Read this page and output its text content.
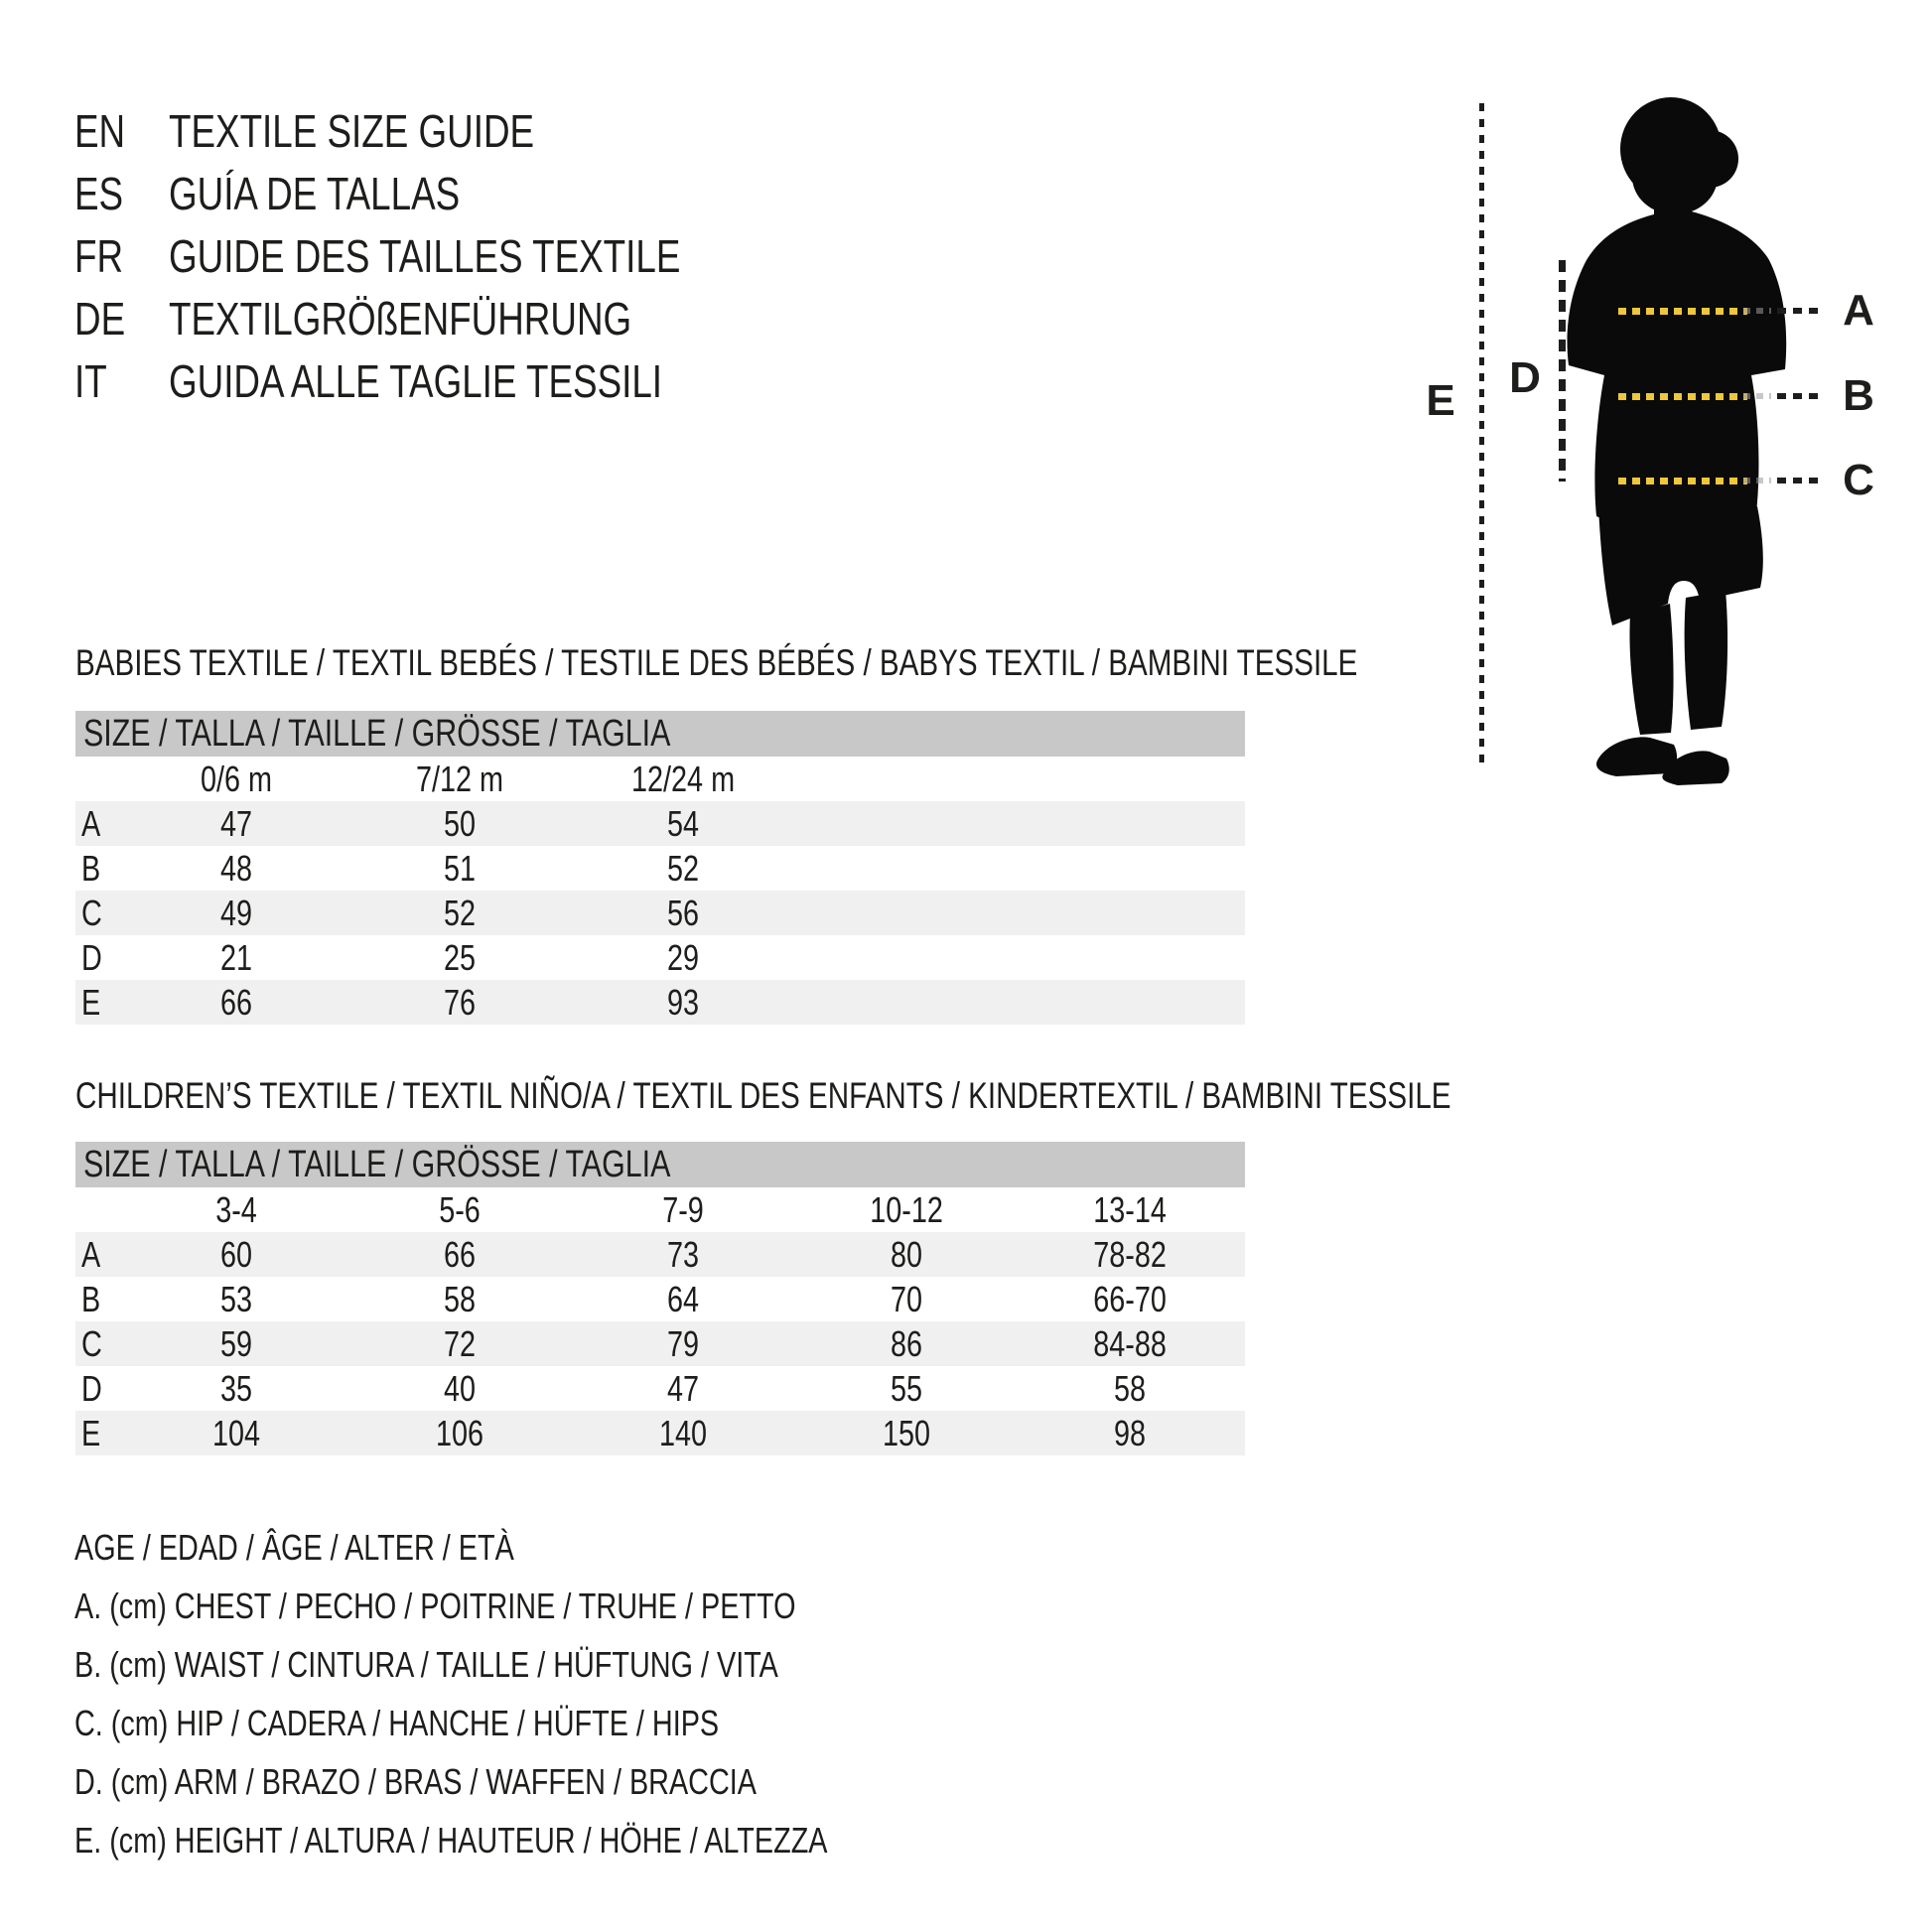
EN TEXTILE SIZE GUIDE
ES GUÍA DE TALLAS
FR GUIDE DES TAILLES TEXTILE
DE TEXTILGRÖßENFÜHRUNG
IT GUIDA ALLE TAGLIE TESSILI	E D
A
B
C
BABIES TEXTILE / TEXTIL BEBÉS / TESTILE DES BÉBÉS / BABYS TEXTIL / BAMBINI TESSILE
SIZE / TALLA / TAILLE / GRÖSSE / TAGLIA
0/6 m	7/12 m	12/24 m
A	47	50	54
B	48	51	52
C	49	52	56
D	21	25	29
E	66	76	93
CHILDREN’S TEXTILE / TEXTIL NIÑO/A / TEXTIL DES ENFANTS / KINDERTEXTIL / BAMBINI TESSILE
SIZE / TALLA / TAILLE / GRÖSSE / TAGLIA
3-4	5-6	7-9	10-12	13-14
A	60	66	73	80	78-82
B	53	58	64	70	66-70
C	59	72	79	86	84-88
D	35	40	47	55	58
E	104	106	140	150	98
AGE / EDAD / ÂGE / ALTER / ETÀ
A. (cm) CHEST / PECHO / POITRINE / TRUHE / PETTO
B. (cm) WAIST / CINTURA / TAILLE / HÜFTUNG / VITA
C. (cm) HIP / CADERA / HANCHE / HÜFTE / HIPS
D. (cm) ARM / BRAZO / BRAS / WAFFEN / BRACCIA
E. (cm) HEIGHT / ALTURA / HAUTEUR / HÖHE / ALTEZZA
